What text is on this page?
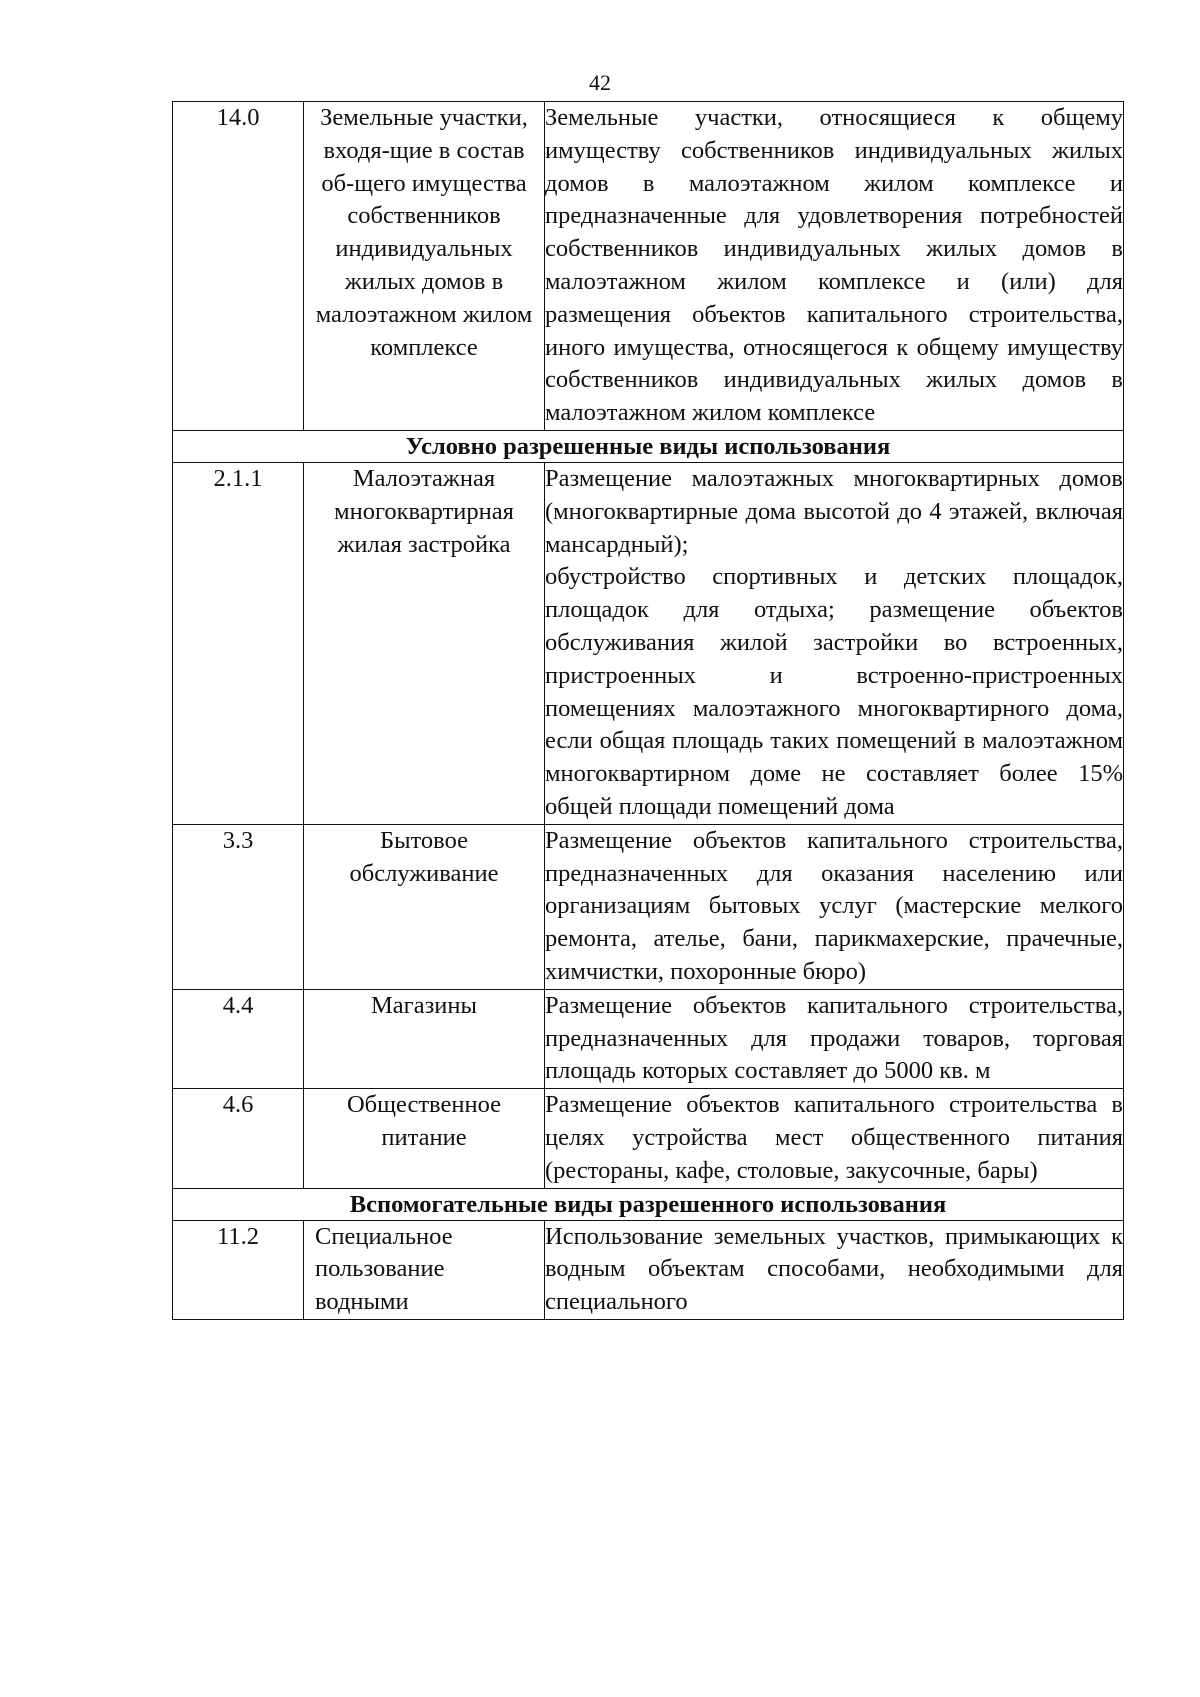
42
14.0	Земельные участки, входя-щие в состав об-щего имущества собственников индивидуальных жилых домов в малоэтажном жилом комплексе	Земельные участки, относящиеся к общему имуществу собственников индивидуальных жилых домов в малоэтажном жилом комплексе и предназначенные для удовлетворения потребностей собственников индивидуальных жилых домов в малоэтажном жилом комплексе и (или) для размещения объектов капитального строительства, иного имущества, относящегося к общему имуществу собственников индивидуальных жилых домов в малоэтажном жилом комплексе

Условно разрешенные виды использования		
2.1.1	Малоэтажная многоквартирная жилая застройка	Размещение малоэтажных многоквартирных домов (многоквартирные дома высотой до 4 этажей, включая мансардный);
обустройство спортивных и детских площадок, площадок для отдыха; размещение объектов обслуживания жилой застройки во встроенных, пристроенных и встроенно-пристроенных помещениях малоэтажного многоквартирного дома, если общая площадь таких помещений в малоэтажном многоквартирном доме не составляет более 15% общей площади помещений дома

3.3	Бытовое обслуживание	Размещение объектов капитального строительства, предназначенных для оказания населению или организациям бытовых услуг (мастерские мелкого ремонта, ателье, бани, парикмахерские, прачечные, химчистки, похоронные бюро)

4.4	Магазины	Размещение объектов капитального строительства, предназначенных для продажи товаров, торговая площадь которых составляет до 5000 кв. м

4.6	Общественное питание	Размещение объектов капитального строительства в целях устройства мест общественного питания (рестораны, кафе, столовые, закусочные, бары)

Вспомогательные виды разрешенного использования		
11.2	Специальное пользование водными	Использование земельных участков, примыкающих к водным объектам способами, необходимыми для специального
